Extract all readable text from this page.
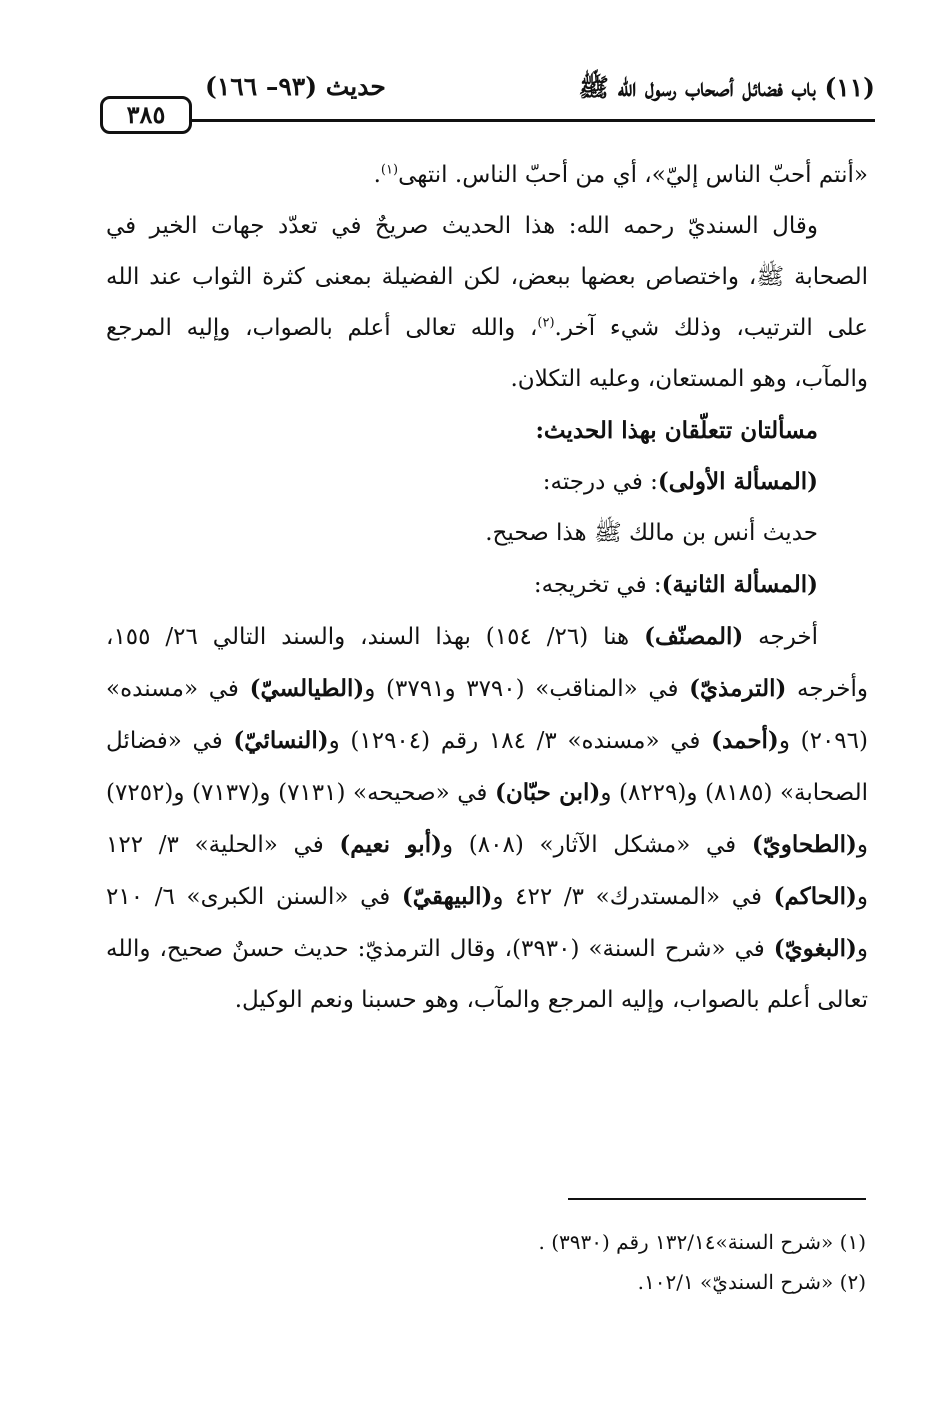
٣٨٥
حديث (٩٣– ١٦٦)	(١١) باب فضائل أصحاب رسول الله ﷺ

«أنتم أحبّ الناس إليّ»، أي من أحبّ الناس. انتهى$^{(١)}$.

وقال السنديّ رحمه الله: هذا الحديث صريحٌ في تعدّد جهات الخير في الصحابة ﷺ، واختصاص بعضها ببعض، لكن الفضيلة بمعنى كثرة الثواب عند الله على الترتيب، وذلك شيء آخر.$^{(٢)}$، والله تعالى أعلم بالصواب، وإليه المرجع والمآب، وهو المستعان، وعليه التكلان.

مسألتان تتعلّقان بهذا الحديث:

(المسألة الأولى): في درجته:

حديث أنس بن مالك ﷺ هذا صحيح.

(المسألة الثانية): في تخريجه:

أخرجه (المصنّف) هنا (٢٦/ ١٥٤) بهذا السند، والسند التالي ٢٦/ ١٥٥، وأخرجه (الترمذيّ) في «المناقب» (٣٧٩٠ و٣٧٩١) و(الطيالسيّ) في «مسنده» (٢٠٩٦) و(أحمد) في «مسنده» ٣/ ١٨٤ رقم (١٢٩٠٤) و(النسائيّ) في «فضائل الصحابة» (٨١٨٥) و(٨٢٢٩) و(ابن حبّان) في «صحيحه» (٧١٣١) و(٧١٣٧) و(٧٢٥٢) و(الطحاويّ) في «مشكل الآثار» (٨٠٨) و(أبو نعيم) في «الحلية» ٣/ ١٢٢ و(الحاكم) في «المستدرك» ٣/ ٤٢٢ و(البيهقيّ) في «السنن الكبرى» ٦/ ٢١٠ و(البغويّ) في «شرح السنة» (٣٩٣٠)، وقال الترمذيّ: حديث حسنٌ صحيح، والله تعالى أعلم بالصواب، وإليه المرجع والمآب، وهو حسبنا ونعم الوكيل.

(١) «شرح السنة»١٣٢/١٤ رقم (٣٩٣٠) .

(٢) «شرح السنديّ» ١٠٢/١.
